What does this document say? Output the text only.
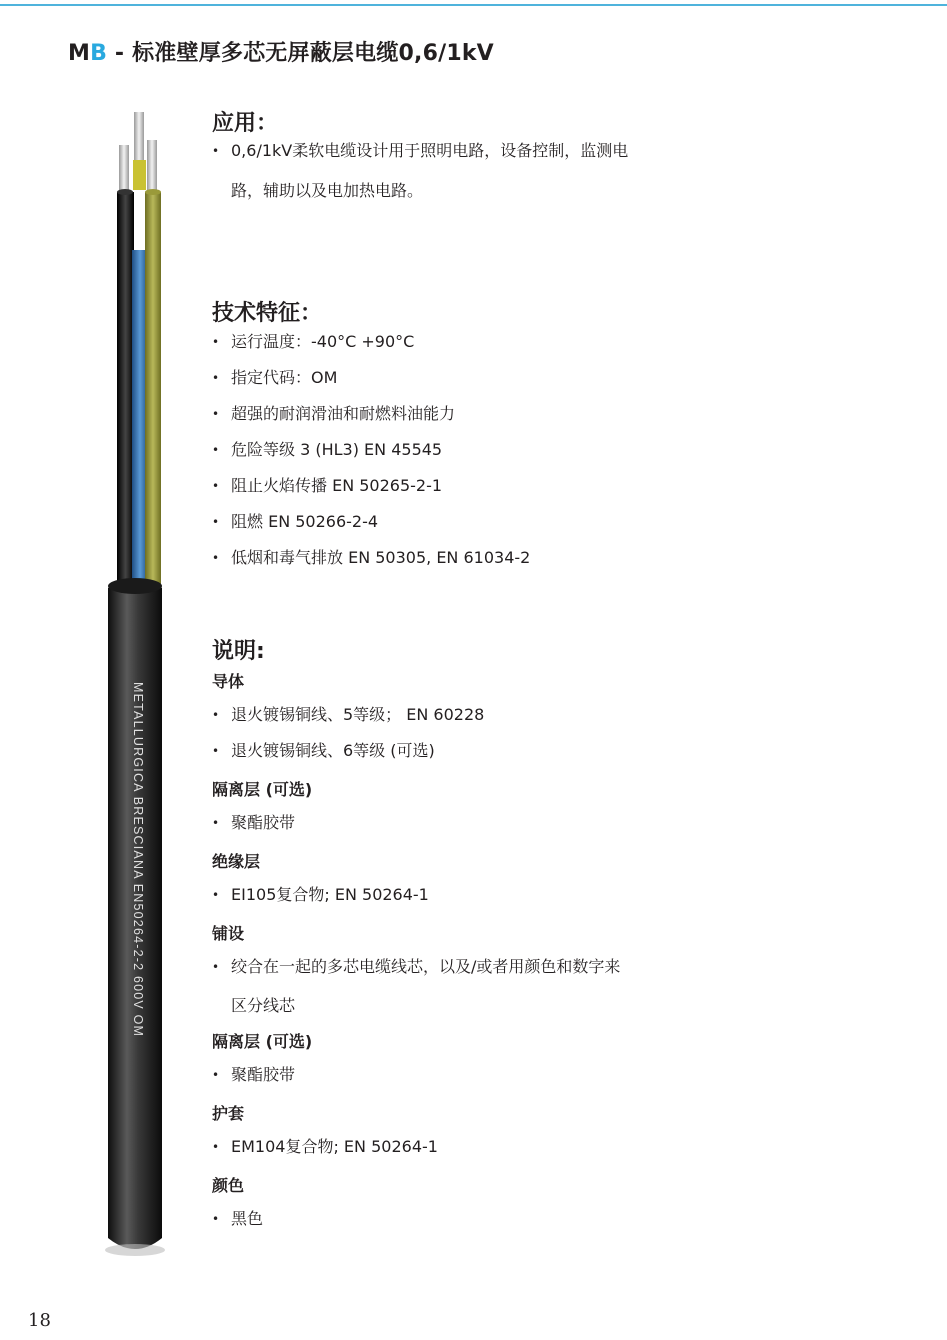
MB - 标准壁厚多芯无屏蔽层电缆0,6/1kV
METALLURGICA BRESCIANA EN50264-2-2 600V OM
应用：
• 0,6/1kV柔软电缆设计用于照明电路，设备控制，监测电
路，辅助以及电加热电路。
技术特征：
• 运行温度：-40°C +90°C
• 指定代码：OM
• 超强的耐润滑油和耐燃料油能力
• 危险等级 3 (HL3) EN 45545
• 阻止火焰传播 EN 50265-2-1
• 阻燃 EN 50266-2-4
• 低烟和毒气排放 EN 50305, EN 61034-2
说明:
导体
• 退火镀锡铜线、5等级； EN 60228
• 退火镀锡铜线、6等级 (可选)
隔离层 (可选)
• 聚酯胶带
绝缘层
• EI105复合物; EN 50264-1
铺设
• 绞合在一起的多芯电缆线芯，以及/或者用颜色和数字来
区分线芯
隔离层 (可选)
• 聚酯胶带
护套
• EM104复合物; EN 50264-1
颜色
• 黑色
18
